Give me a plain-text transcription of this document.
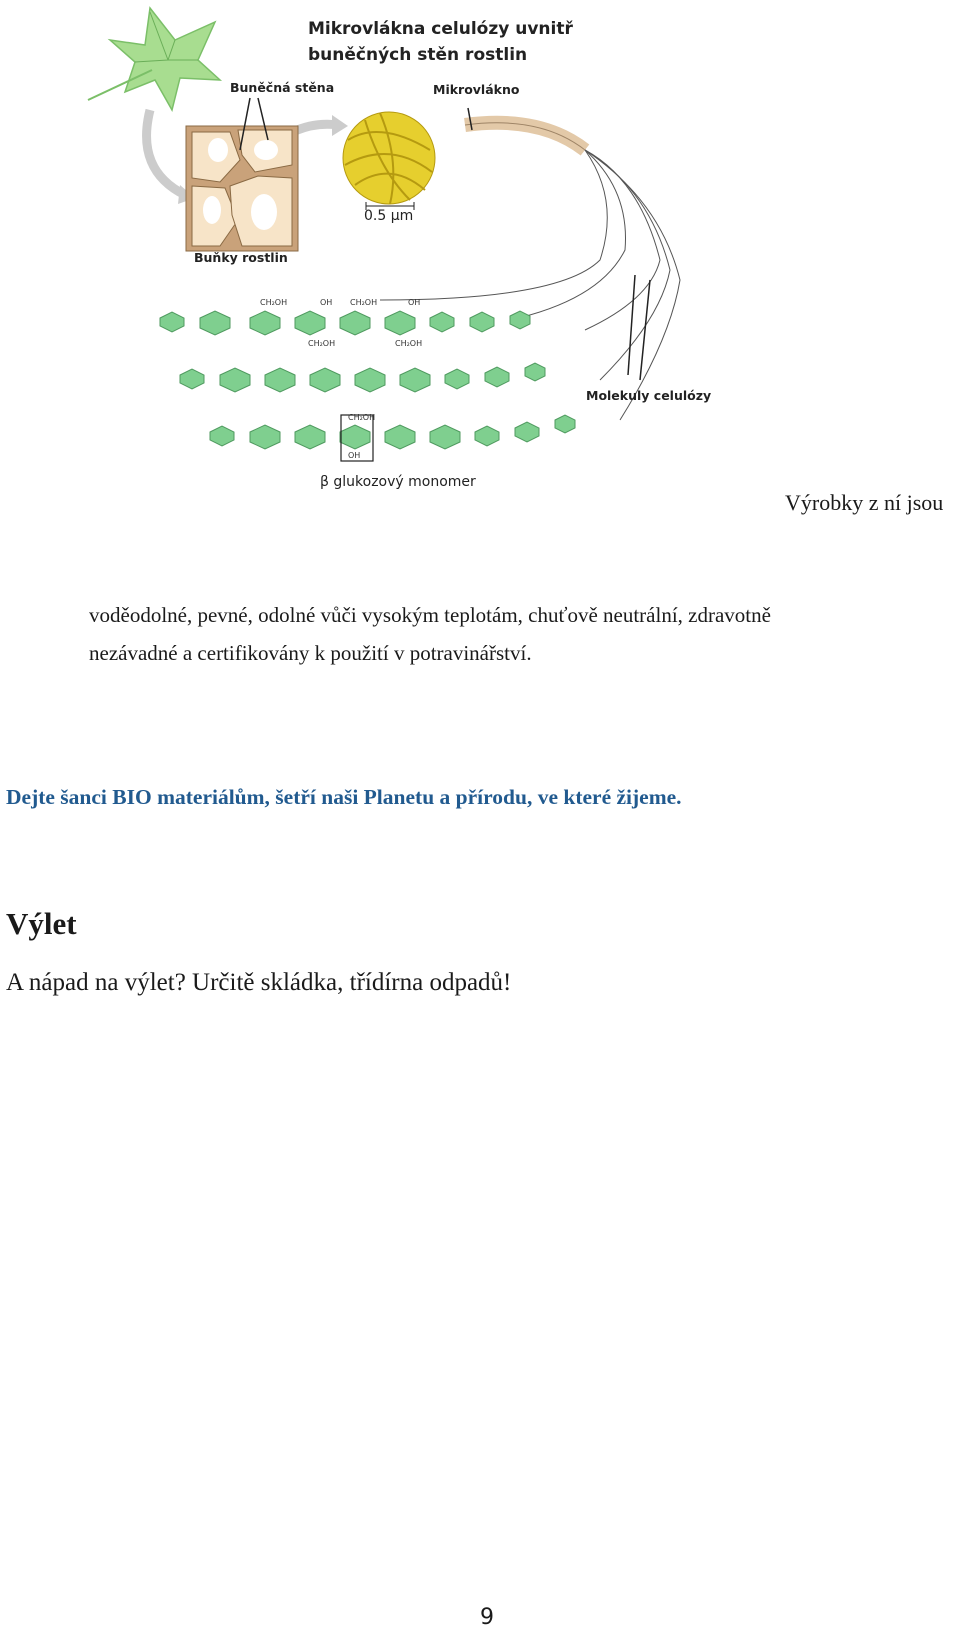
CH₂OH	CH₂OH
OH	OH
CH₂OH	CH₂OH
CH₂OH
OH
Mikrovlákna celulózy uvnitř
buněčných stěn rostlin
Buněčná stěna	Mikrovlákno
Buňky rostlin
0.5 μm
Molekuly celulózy
β glukozový monomer
Výrobky z ní jsou

voděodolné, pevné, odolné vůči vysokým teplotám, chuťově neutrální, zdravotně

nezávadné a certifikovány k použití v potravinářství.

Dejte šanci BIO materiálům, šetří naši Planetu a přírodu, ve které žijeme.
Výlet
A nápad na výlet? Určitě skládka, třídírna odpadů!
9
